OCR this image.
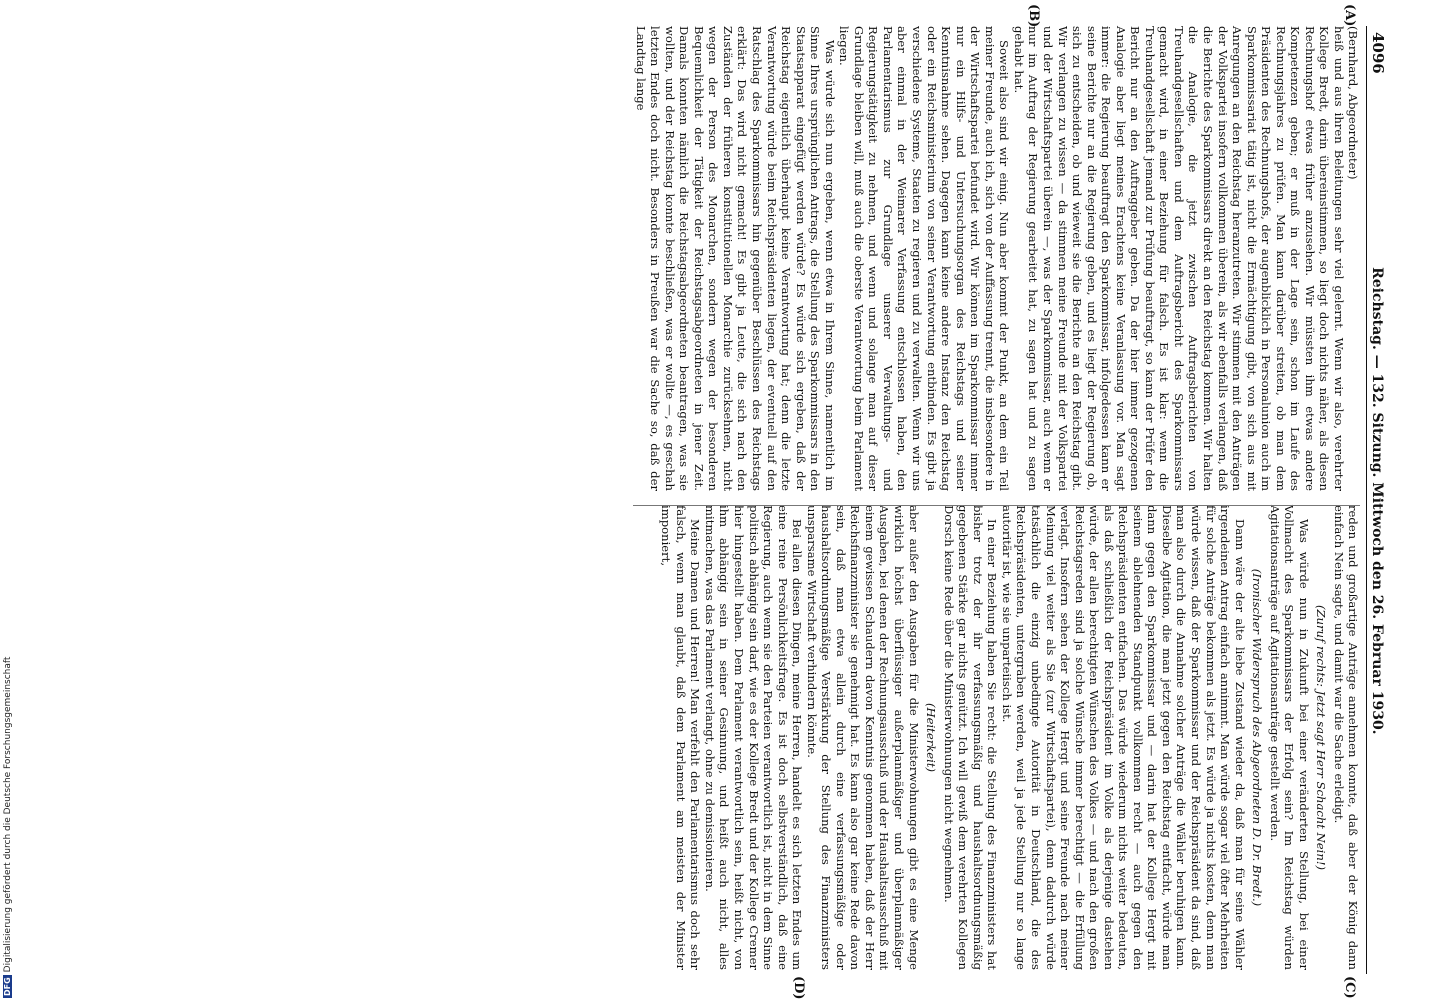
4096
Reichstag. — 132. Sitzung. Mittwoch den 26. Februar 1930.
(A)
(B)
(C)
(D)

(Bernhard, Abgeordneter)

heiß und aus ihren Beleitungen sehr viel gelernt. Wenn wir also, verehrter Kollege Bredt, darin übereinstimmen, so liegt doch nichts näher, als diesen Rechnungshof etwas früher anzusehen. Wir müssten ihm etwas andere Kompetenzen geben; er muß in der Lage sein, schon im Laufe des Rechnungsjahres zu prüfen. Man kann darüber streiten, ob man dem Präsidenten des Rechnungshofs, der augenblicklich in Personalunion auch im Sparkommissariat tätig ist, nicht die Ermächtigung gibt, von sich aus mit Anregungen an den Reichstag heranzutreten. Wir stimmen mit den Anträgen der Volkspartei insofern vollkommen überein, als wir ebenfalls verlangen, daß die Berichte des Sparkommissars direkt an den Reichstag kommen. Wir halten die Analogie, die jetzt zwischen Auftragsberichten von Treuhandgesellschaften und dem Auftragsbericht des Sparkommissars gemacht wird, in einer Beziehung für falsch. Es ist klar: wenn die Treuhandgesellschaft jemand zur Prüfung beauftragt, so kann der Prüfer den Bericht nur an den Auftraggeber geben. Da der hier immer gezogenen Analogie aber liegt meines Erachtens keine Veranlassung vor. Man sagt immer: die Regierung beauftragt den Sparkommissar, infolgedessen kann er seine Berichte nur an die Regierung geben, und es liegt der Regierung ob, sich zu entscheiden, ob und wieweit sie die Berichte an den Reichstag gibt. Wir verlangen zu wissen — da stimmen meine Freunde mit der Volkspartei und der Wirtschaftspartei überein —, was der Sparkommissar, auch wenn er nur im Auftrag der Regierung gearbeitet hat, zu sagen hat und zu sagen gehabt hat.

Soweit also sind wir einig. Nun aber kommt der Punkt, an dem ein Teil meiner Freunde, auch ich, sich von der Auffassung trennt, die insbesondere in der Wirtschaftspartei befundet wird. Wir können im Sparkommissar immer nur ein Hilfs- und Untersuchungsorgan des Reichstags und seiner Kenntnisnahme sehen. Dagegen kann keine andere Instanz den Reichstag oder ein Reichsministerium von seiner Verantwortung entbinden. Es gibt ja verschiedene Systeme, Staaten zu regieren und zu verwalten. Wenn wir uns aber einmal in der Weimarer Verfassung entschlossen haben, den Parlamentarismus zur Grundlage unserer Verwaltungs- und Regierungstätigkeit zu nehmen, und wenn und solange man auf dieser Grundlage bleiben will, muß auch die oberste Verantwortung beim Parlament liegen.

Was würde sich nun ergeben, wenn etwa in Ihrem Sinne, namentlich im Sinne Ihres ursprünglichen Antrags, die Stellung des Sparkommissars in den Staatsapparat eingefügt werden würde? Es würde sich ergeben, daß der Reichstag eigentlich überhaupt keine Verantwortung hat; denn die letzte Verantwortung würde beim Reichspräsidenten liegen, der eventuell auf den Ratschlag des Sparkommissars hin gegenüber Beschlüssen des Reichstags erklärt: Das wird nicht gemacht! Es gibt ja Leute, die sich nach den Zuständen der früheren konstitutionellen Monarchie zurücksehnen, nicht wegen der Person des Monarchen, sondern wegen der besonderen Bequemlichkeit der Tätigkeit der Reichstagsabgeordneten in jener Zeit. Damals konnten nämlich die Reichstagsabgeordneten beantragen, was sie wollten, und der Reichstag konnte beschließen, was er wollte —, es geschah letzten Endes doch nicht. Besonders in Preußen war die Sache so, daß der Landtag lange

reden und großartige Anträge annehmen konnte, daß aber der König dann einfach Nein sagte, und damit war die Sache erledigt.

(Zuruf rechts: Jetzt sagt Herr Schacht Nein!)

Was würde nun in Zukunft bei einer veränderten Stellung, bei einer Vollmacht des Sparkommissars der Erfolg sein? Im Reichstag würden Agitationsanträge auf Agitationsanträge gestellt werden.

(Ironischer Widerspruch des Abgeordneten D. Dr. Bredt.)

Dann wäre der alte liebe Zustand wieder da, daß man für seine Wähler irgendeinen Antrag einfach annimmt. Man würde sogar viel öfter Mehrheiten für solche Anträge bekommen als jetzt. Es würde ja nichts kosten, denn man würde wissen, daß der Sparkommissar und der Reichspräsident da sind, daß man also durch die Annahme solcher Anträge die Wähler beruhigen kann. Dieselbe Agitation, die man jetzt gegen den Reichstag entfacht, würde man dann gegen den Sparkommissar und — darin hat der Kollege Hergt mit seinem ablehnenden Standpunkt vollkommen recht — auch gegen den Reichspräsidenten entfachen. Das würde wiederum nichts weiter bedeuten, als daß schließlich der Reichspräsident im Volke als derjenige dastehen würde, der allen berechtigten Wünschen des Volkes — und nach den großen Reichstagsreden sind ja solche Wünsche immer berechtigt — die Erfüllung verlagt. Insofern sehen der Kollege Hergt und seine Freunde nach meiner Meinung viel weiter als Sie (zur Wirtschaftspartei), denn dadurch würde tatsächlich die einzig unbedingte Autorität in Deutschland, die des Reichspräsidenten, untergraben werden, weil ja jede Stellung nur so lange autoritär ist, wie sie unparteiisch ist.

In einer Beziehung haben Sie recht: die Stellung des Finanzministers hat bisher trotz der ihr verfassungsmäßig und haushaltsordnungsmäßig gegebenen Stärke gar nichts genützt. Ich will gewiß dem verehrten Kollegen Dorsch keine Rede über die Ministerwohnungen nicht wegnehmen.

(Heiterkeit)

aber außer den Ausgaben für die Ministerwohnungen gibt es eine Menge wirklich höchst überflüssiger außerplanmäßiger und überplanmäßiger Ausgaben, bei denen der Rechnungsausschuß und der Haushaltsausschuß mit einem gewissen Schaudern davon Kenntnis genommen haben, daß der Herr Reichsfinanzminister sie genehmigt hat. Es kann also gar keine Rede davon sein, daß man etwa allein durch eine verfassungsmäßige oder haushaltsordnungsmäßige Verstärkung der Stellung des Finanzministers unsparsame Wirtschaft verhindern könnte.

Bei allen diesen Dingen, meine Herren, handelt es sich letzten Endes um eine reine Persönlichkeitsfrage. Es ist doch selbstverständlich, daß eine Regierung, auch wenn sie den Parteien verantwortlich ist, nicht in dem Sinne politisch abhängig sein darf, wie es der Kollege Bredt und der Kollege Cremer hier hingestellt haben. Dem Parlament verantwortlich sein, heißt nicht, von ihm abhängig sein in seiner Gesinnung, und heißt auch nicht, alles mitmachen, was das Parlament verlangt, ohne zu demissionieren.

Meine Damen und Herren! Man verfehlt den Parlamentarismus doch sehr falsch, wenn man glaubt, daß dem Parlament am meisten der Minister imponiert,

DFGDigitalisierung gefördert durch die Deutsche Forschungsgemeinschaft
